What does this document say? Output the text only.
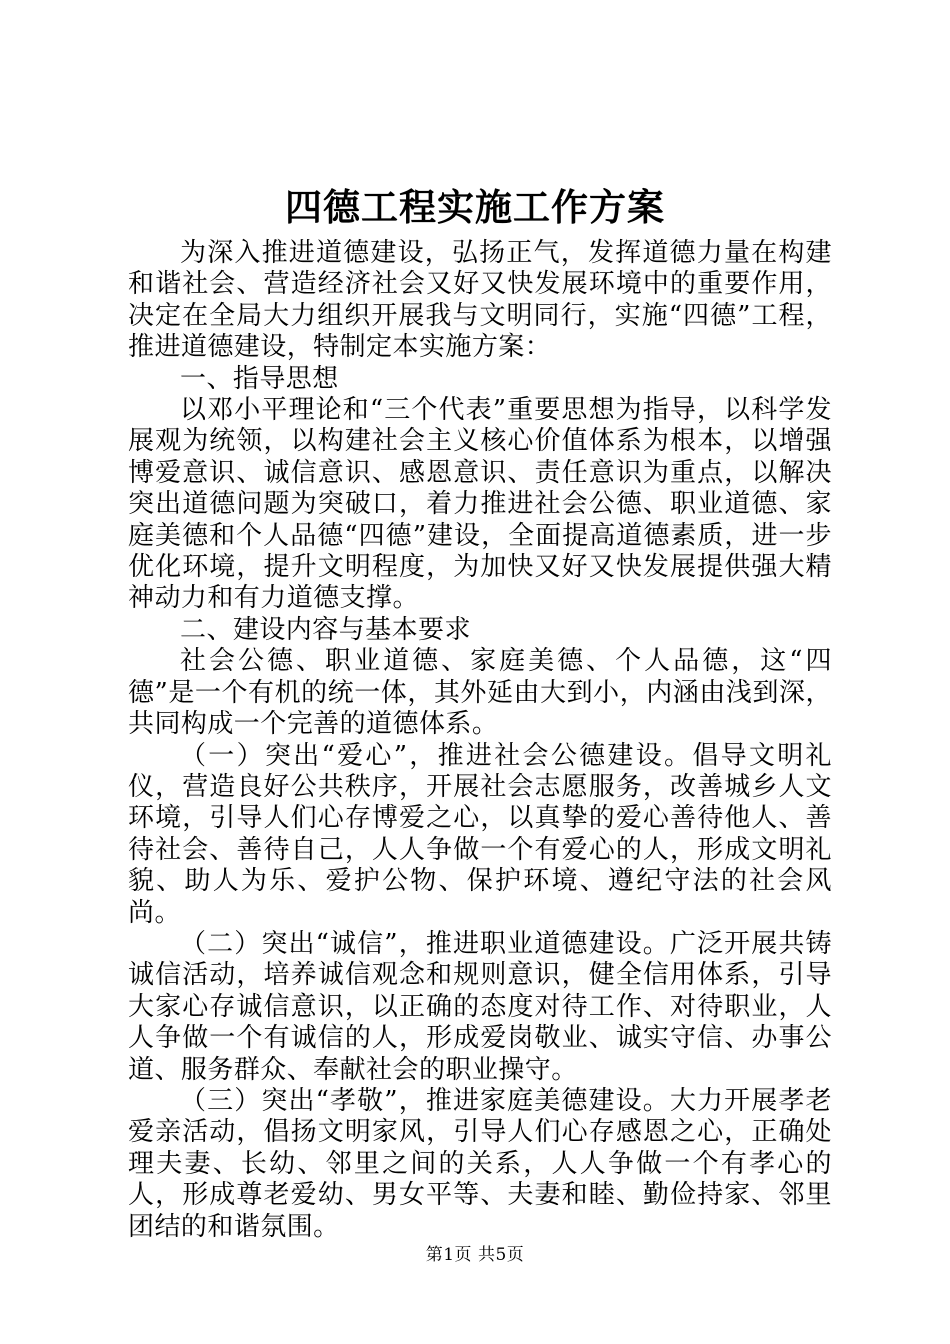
四德工程实施工作方案

为深入推进道德建设，弘扬正气，发挥道德力量在构建和谐社会、营造经济社会又好又快发展环境中的重要作用，决定在全局大力组织开展我与文明同行，实施“四德”工程，推进道德建设，特制定本实施方案：

一、指导思想

以邓小平理论和“三个代表”重要思想为指导，以科学发展观为统领，以构建社会主义核心价值体系为根本，以增强博爱意识、诚信意识、感恩意识、责任意识为重点，以解决突出道德问题为突破口，着力推进社会公德、职业道德、家庭美德和个人品德“四德”建设，全面提高道德素质，进一步优化环境，提升文明程度，为加快又好又快发展提供强大精神动力和有力道德支撑。

二、建设内容与基本要求

社会公德、职业道德、家庭美德、个人品德，这“四德”是一个有机的统一体，其外延由大到小，内涵由浅到深，共同构成一个完善的道德体系。

（一）突出“爱心”，推进社会公德建设。倡导文明礼仪，营造良好公共秩序，开展社会志愿服务，改善城乡人文环境，引导人们心存博爱之心，以真挚的爱心善待他人、善待社会、善待自己，人人争做一个有爱心的人，形成文明礼貌、助人为乐、爱护公物、保护环境、遵纪守法的社会风尚。

（二）突出“诚信”，推进职业道德建设。广泛开展共铸诚信活动，培养诚信观念和规则意识，健全信用体系，引导大家心存诚信意识，以正确的态度对待工作、对待职业，人人争做一个有诚信的人，形成爱岗敬业、诚实守信、办事公道、服务群众、奉献社会的职业操守。

（三）突出“孝敬”，推进家庭美德建设。大力开展孝老爱亲活动，倡扬文明家风，引导人们心存感恩之心，正确处理夫妻、长幼、邻里之间的关系，人人争做一个有孝心的人，形成尊老爱幼、男女平等、夫妻和睦、勤俭持家、邻里团结的和谐氛围。

第1页 共5页
